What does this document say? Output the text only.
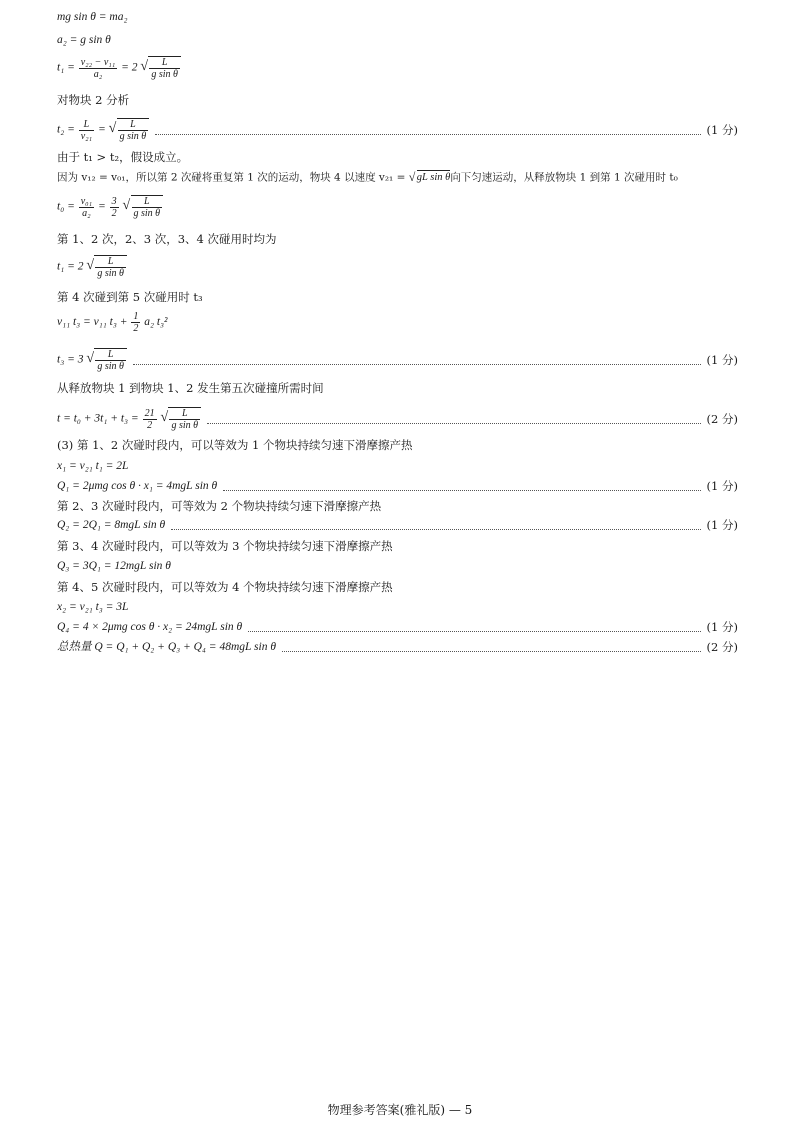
mg sin θ = ma₂
a₂ = g sin θ
$t_1 = \frac{\text{v₂₂ − v₁₁}}{\text{a₂}} = 2$ √ $\frac{L}{\text{g sin θ}}$
对物块 2 分析
$t_2 = \frac{L}{\text{v₂₁}}$ = √ $\frac{L}{\text{g sin θ}}$	(1 分)
由于 t₁ > t₂，假设成立。
因为 v₁₂ = v₀₁，所以第 2 次碰将重复第 1 次的运动，物块 4 以速度 v₂₁ = √ gL sin θ向下匀速运动，从释放物块 1 到第 1 次碰用时 t₀
$t_0 = \frac{\text{v₀₁}}{\text{a₂}} = \frac{3}{2}$
√ $\frac{L}{\text{g sin θ}}$
第 1、2 次，2、3 次，3、4 次碰用时均为
t₁ = 2 √ $\frac{L}{\text{g sin θ}}$
第 4 次碰到第 5 次碰用时 t₃
v₁₁ t₃ = v₁₁ $t_3 + \frac{1}{2} a_2$ t₃²
t₃ = 3 √ $\frac{L}{\text{g sin θ}}$	(1 分)
从释放物块 1 到物块 1、2 发生第五次碰撞所需时间
$t = t_0 + 3t_1 + t_3 = \frac{21}{2}$
√ $\frac{L}{\text{g sin θ}}$	(2 分)
(3) 第 1、2 次碰时段内，可以等效为 1 个物块持续匀速下滑摩擦产热
x₁ = v₂₁ t₁ = 2L
Q₁ = 2μmg cos θ · x₁ = 4mgL sin θ	(1 分)
第 2、3 次碰时段内，可等效为 2 个物块持续匀速下滑摩擦产热
Q₂ = 2Q₁ = 8mgL sin θ	(1 分)
第 3、4 次碰时段内，可以等效为 3 个物块持续匀速下滑摩擦产热
Q₃ = 3Q₁ = 12mgL sin θ
第 4、5 次碰时段内，可以等效为 4 个物块持续匀速下滑摩擦产热
x₂ = v₂₁ t₃ = 3L
Q₄ = 4 × 2μmg cos θ · x₂ = 24mgL sin θ	(1 分)
总热量 Q = Q₁ + Q₂ + Q₃ + Q₄ = 48mgL sin θ	(2 分)
物理参考答案(雅礼版) — 5
